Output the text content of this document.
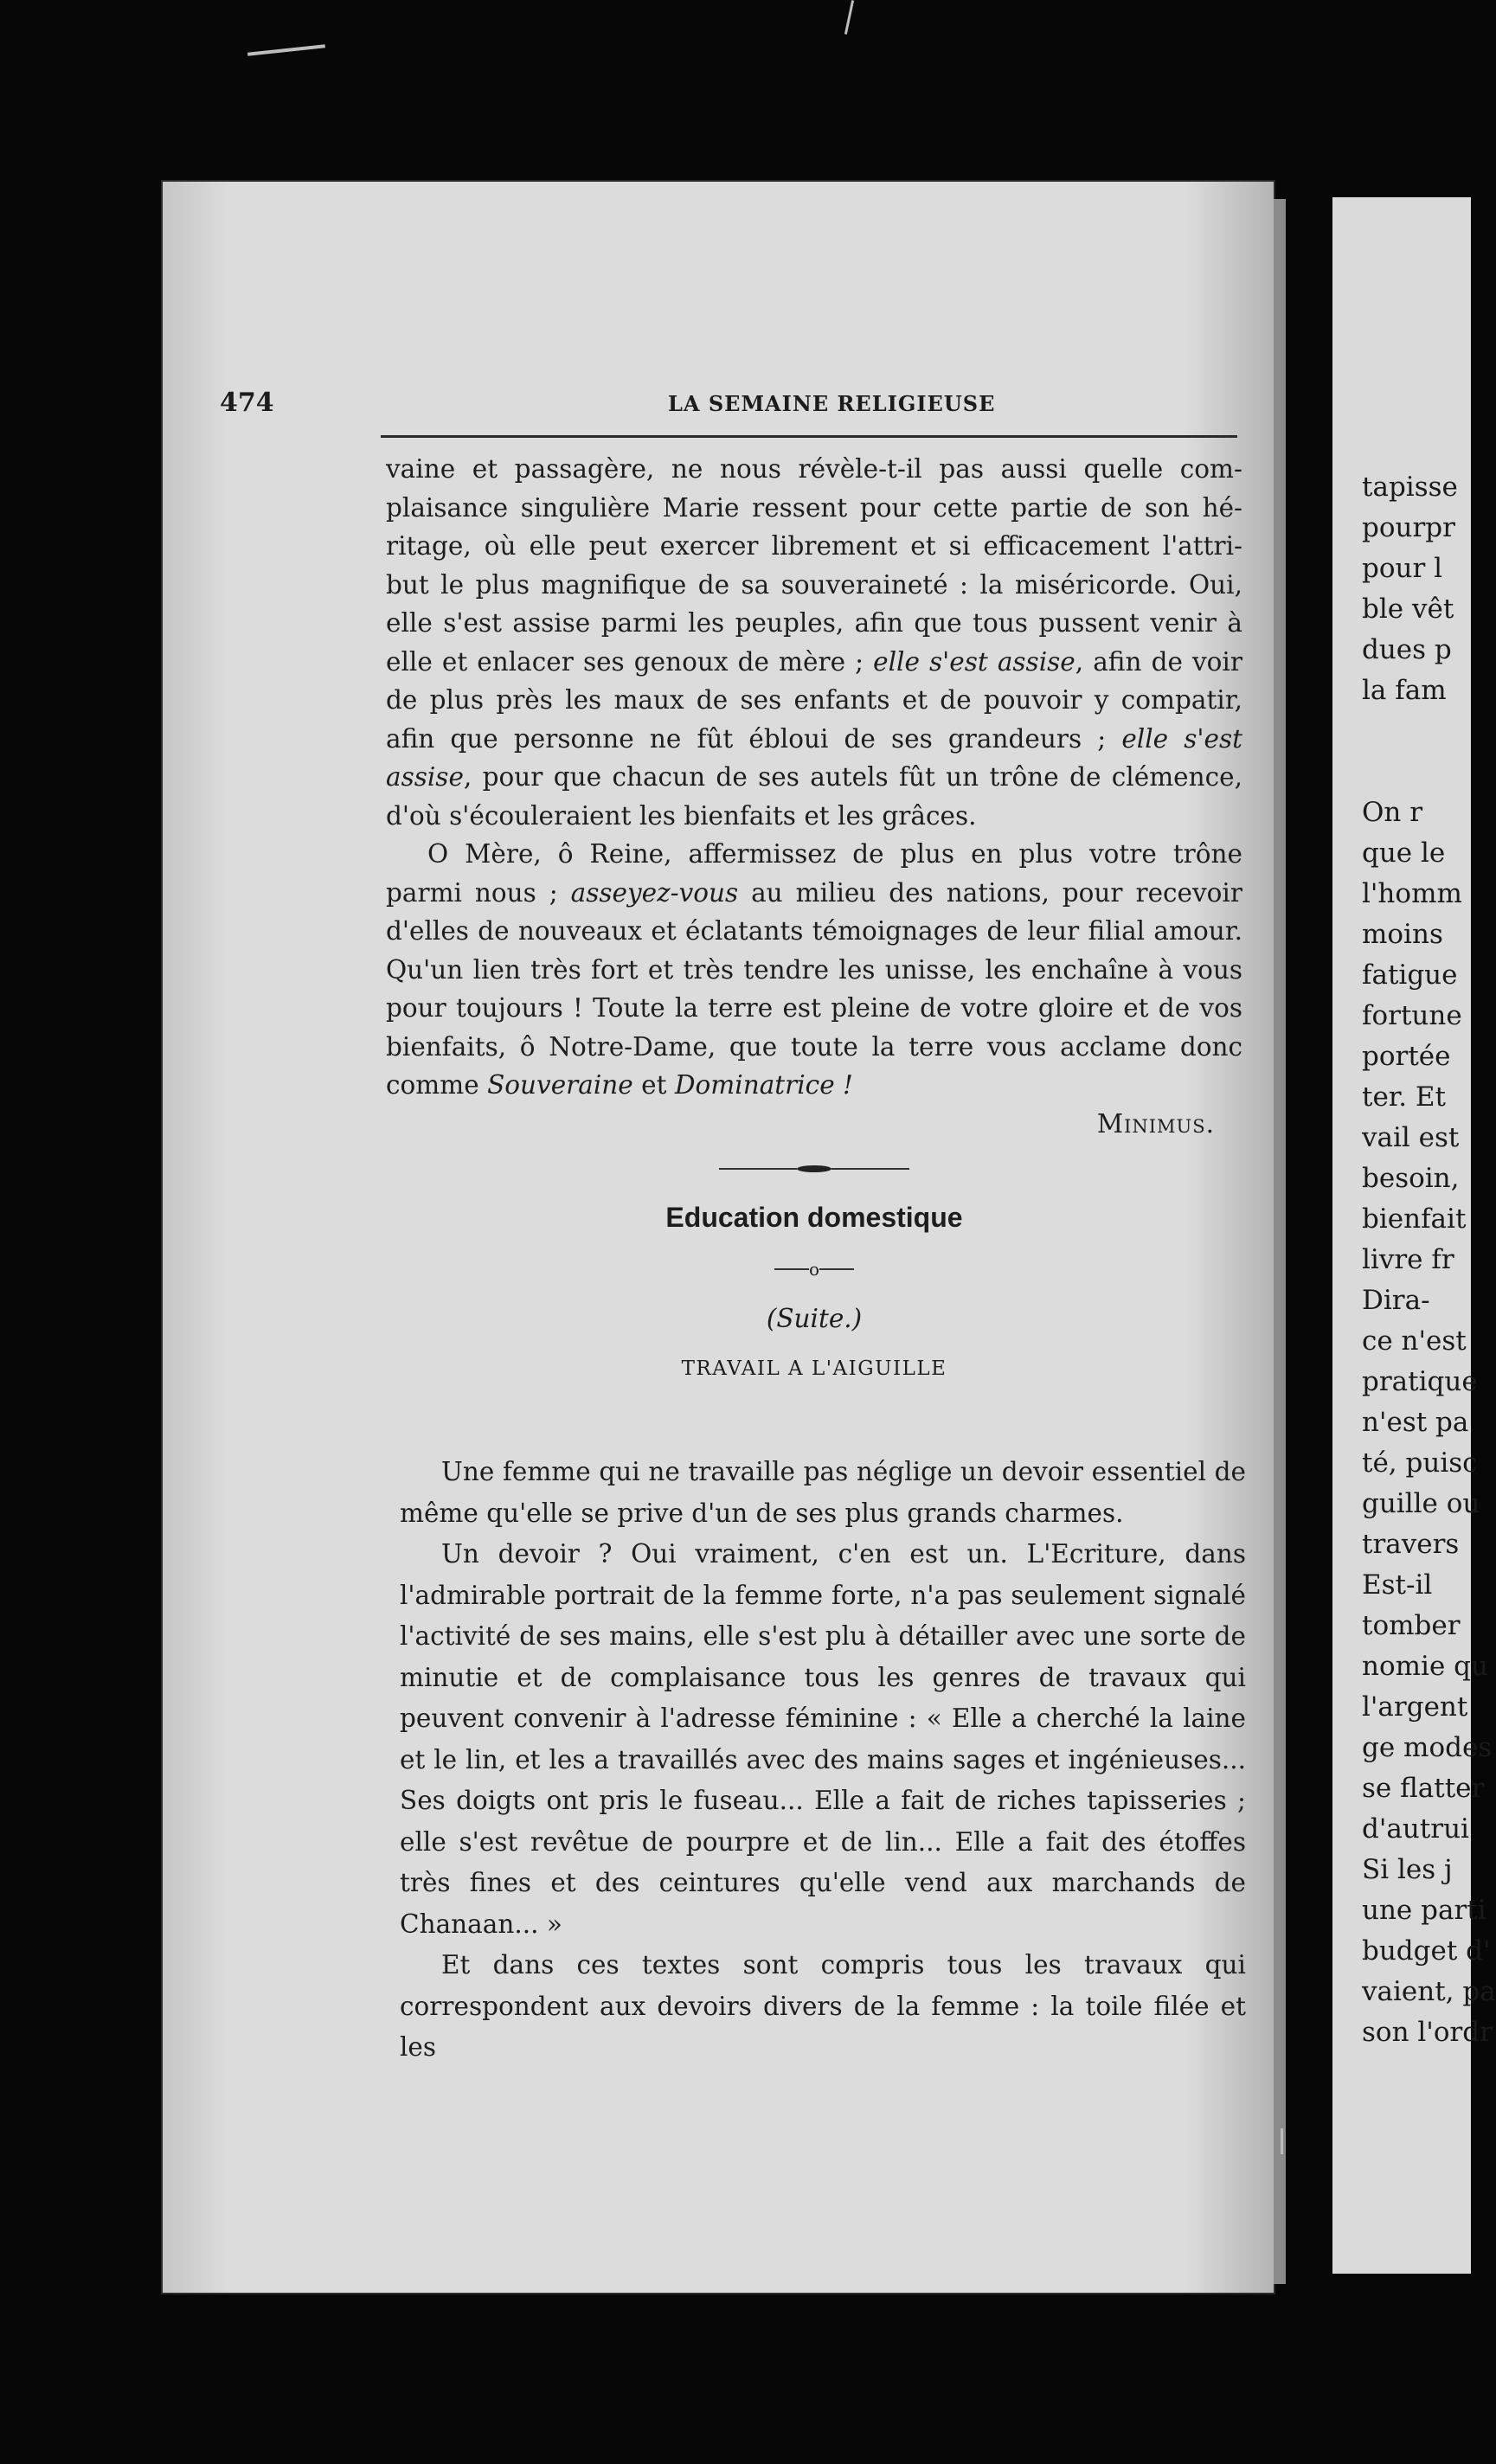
tapisse
pourpr
pour l
ble vêt
dues p
la fam
On r
que le
l'homm
moins
fatigue
fortune
portée
ter. Et
vail est
besoin,
bienfait
livre fr
Dira-
ce n'est
pratique
n'est pa
té, puisc
guille ou
travers
Est-il
tomber
nomie qu
l'argent
ge modes
se flatter
d'autrui
Si les j
une parti
budget d'
vaient, pa
son l'ordr
474	LA SEMAINE RELIGIEUSE

vaine et passagère, ne nous révèle-t-il pas aussi quelle com- plaisance singulière Marie ressent pour cette partie de son hé- ritage, où elle peut exercer librement et si efficacement l'attri- but le plus magnifique de sa souveraineté : la miséricorde. Oui, elle s'est assise parmi les peuples, afin que tous pussent venir à elle et enlacer ses genoux de mère ; elle s'est assise, afin de voir de plus près les maux de ses enfants et de pouvoir y compatir, afin que personne ne fût ébloui de ses grandeurs ; elle s'est assise, pour que chacun de ses autels fût un trône de clémence, d'où s'écouleraient les bienfaits et les grâces.

O Mère, ô Reine, affermissez de plus en plus votre trône parmi nous ; asseyez-vous au milieu des nations, pour recevoir d'elles de nouveaux et éclatants témoignages de leur filial amour. Qu'un lien très fort et très tendre les unisse, les enchaîne à vous pour toujours ! Toute la terre est pleine de votre gloire et de vos bienfaits, ô Notre-Dame, que toute la terre vous acclame donc comme Souveraine et Dominatrice !

Minimus.

Education domestique

o

(Suite.)

TRAVAIL A L'AIGUILLE

Une femme qui ne travaille pas néglige un devoir essentiel de même qu'elle se prive d'un de ses plus grands charmes.

Un devoir ? Oui vraiment, c'en est un. L'Ecriture, dans l'admirable portrait de la femme forte, n'a pas seulement signalé l'activité de ses mains, elle s'est plu à détailler avec une sorte de minutie et de complaisance tous les genres de travaux qui peuvent convenir à l'adresse féminine : « Elle a cherché la laine et le lin, et les a travaillés avec des mains sages et ingénieuses... Ses doigts ont pris le fuseau... Elle a fait de riches tapisseries ; elle s'est revêtue de pourpre et de lin... Elle a fait des étoffes très fines et des ceintures qu'elle vend aux marchands de Chanaan... »

Et dans ces textes sont compris tous les travaux qui correspondent aux devoirs divers de la femme : la toile filée et les
